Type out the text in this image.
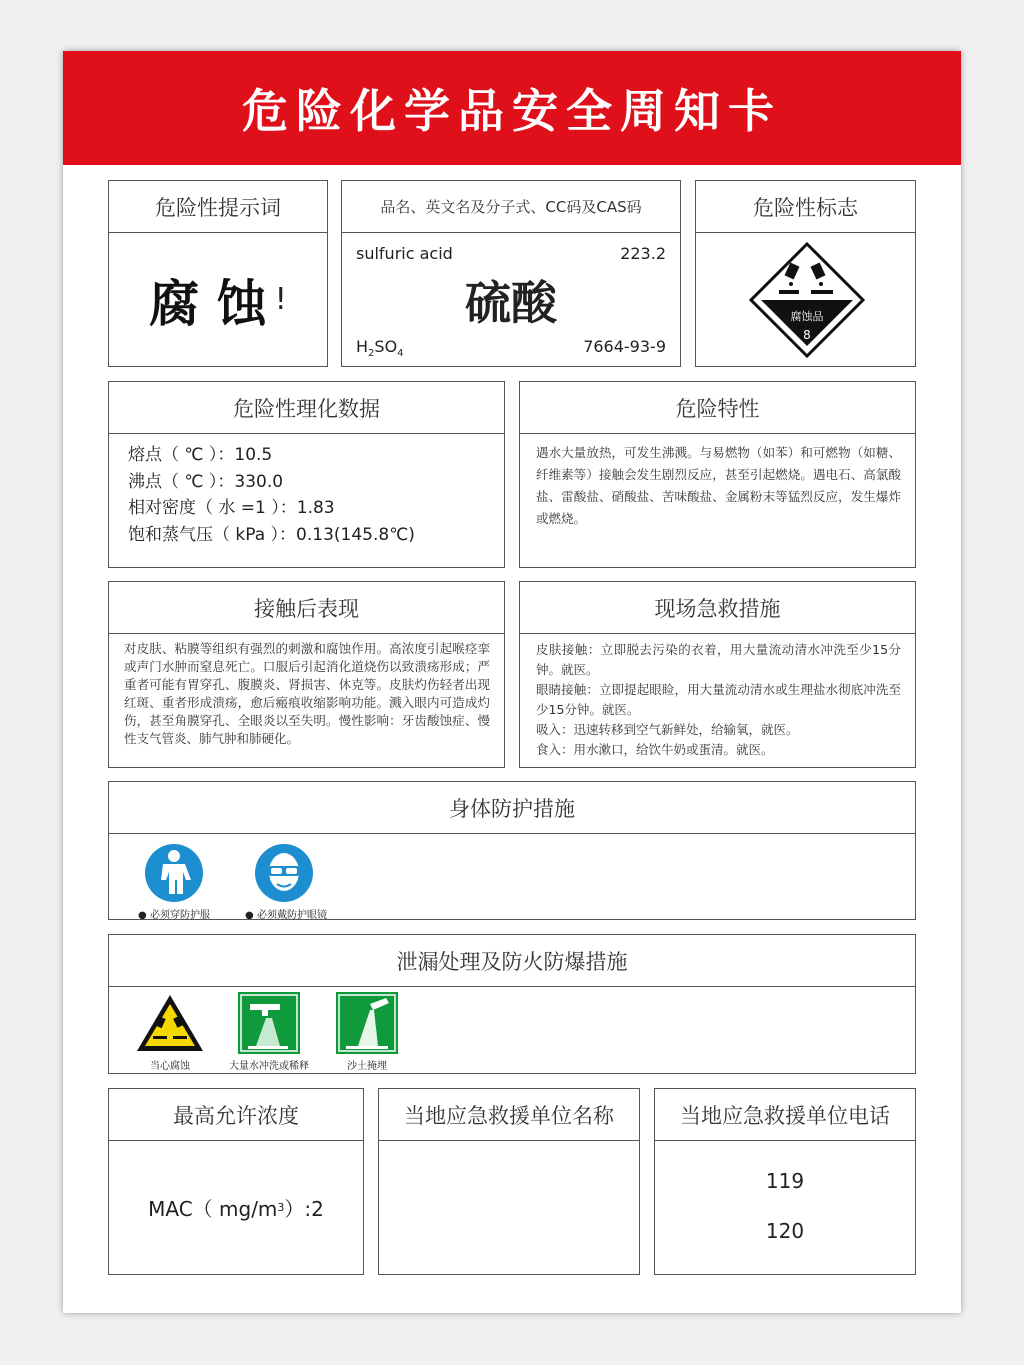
危险化学品安全周知卡
危险性提示词
腐 蚀 !
品名、英文名及分子式、CC码及CAS码
sulfuric acid	223.2
硫酸
$H_2SO_4$	7664-93-9
危险性标志
腐蚀品
8
危险性理化数据
熔点（ ℃ ）：10.5
沸点（ ℃ ）：330.0
相对密度（ 水 =1 ）：1.83
饱和蒸气压（ kPa ）：0.13(145.8℃)
危险特性
遇水大量放热，可发生沸溅。与易燃物（如苯）和可燃物（如糖、纤维素等）接触会发生剧烈反应，甚至引起燃烧。遇电石、高氯酸盐、雷酸盐、硝酸盐、苦味酸盐、金属粉末等猛烈反应，发生爆炸或燃烧。
接触后表现
对皮肤、粘膜等组织有强烈的刺激和腐蚀作用。高浓度引起喉痉挛或声门水肿而窒息死亡。口服后引起消化道烧伤以致溃疡形成；严重者可能有胃穿孔、腹膜炎、肾损害、休克等。皮肤灼伤轻者出现红斑、重者形成溃疡，愈后瘢痕收缩影响功能。溅入眼内可造成灼伤，甚至角膜穿孔、全眼炎以至失明。慢性影响：牙齿酸蚀症、慢性支气管炎、肺气肿和肺硬化。
现场急救措施
皮肤接触：立即脱去污染的衣着，用大量流动清水冲洗至少15分钟。就医。
眼睛接触：立即提起眼睑，用大量流动清水或生理盐水彻底冲洗至少15分钟。就医。
吸入：迅速转移到空气新鲜处，给输氧，就医。
食入：用水漱口，给饮牛奶或蛋清。就医。
身体防护措施
● 必须穿防护服	● 必须戴防护眼镜
泄漏处理及防火防爆措施
当心腐蚀	大量水冲洗或稀释	沙土掩埋
最高允许浓度
MAC（ mg/m 3 ）:2
当地应急救援单位名称	当地应急救援单位电话
119
120
